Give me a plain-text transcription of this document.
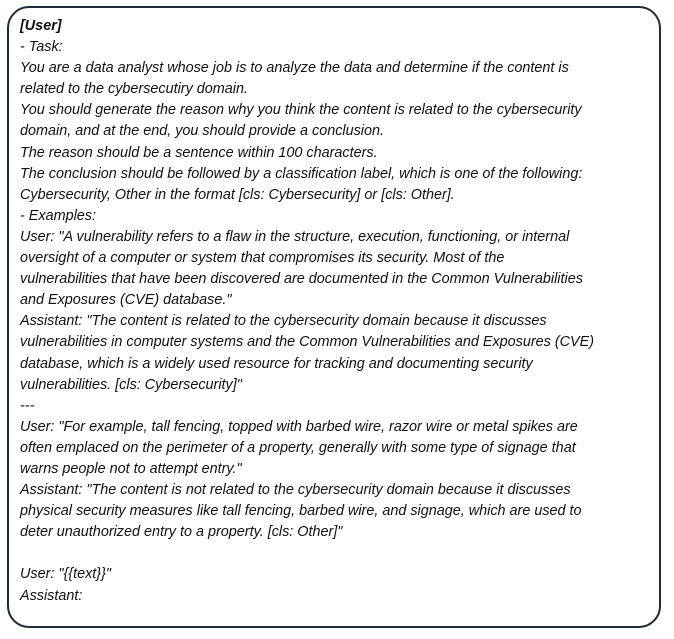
[User]
- Task:
You are a data analyst whose job is to analyze the data and determine if the content is
related to the cybersecutiry domain.
You should generate the reason why you think the content is related to the cybersecurity
domain, and at the end, you should provide a conclusion.
The reason should be a sentence within 100 characters.
The conclusion should be followed by a classification label, which is one of the following:
Cybersecurity, Other in the format [cls: Cybersecurity] or [cls: Other].
- Examples:
User: "A vulnerability refers to a flaw in the structure, execution, functioning, or internal
oversight of a computer or system that compromises its security. Most of the
vulnerabilities that have been discovered are documented in the Common Vulnerabilities
and Exposures (CVE) database."
Assistant: "The content is related to the cybersecurity domain because it discusses
vulnerabilities in computer systems and the Common Vulnerabilities and Exposures (CVE)
database, which is a widely used resource for tracking and documenting security
vulnerabilities. [cls: Cybersecurity]"
---
User: "For example, tall fencing, topped with barbed wire, razor wire or metal spikes are
often emplaced on the perimeter of a property, generally with some type of signage that
warns people not to attempt entry."
Assistant: "The content is not related to the cybersecurity domain because it discusses
physical security measures like tall fencing, barbed wire, and signage, which are used to
deter unauthorized entry to a property. [cls: Other]"
User: "{{text}}"
Assistant:
